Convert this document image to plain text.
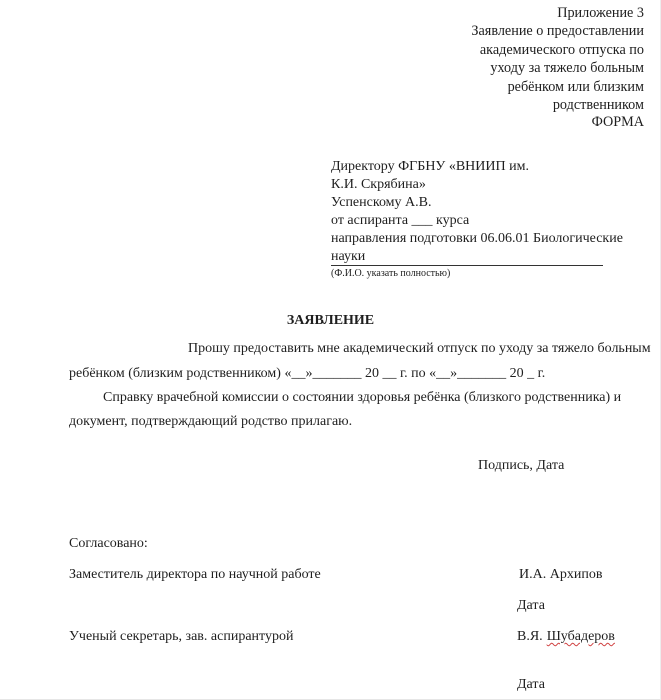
Приложение 3
Заявление о предоставлении
академического отпуска по
уходу за тяжело больным
ребёнком или близким
родственником
ФОРМА
Директору ФГБНУ «ВНИИП им.
К.И. Скрябина»
Успенскому А.В.
от аспиранта ___ курса
направления подготовки 06.06.01 Биологические
науки
(Ф.И.О. указать полностью)
ЗАЯВЛЕНИЕ
Прошу предоставить мне академический отпуск по уходу за тяжело больным
ребёнком (близким родственником) «__»_______ 20 __ г. по «__»_______ 20 _ г.
Справку врачебной комиссии о состоянии здоровья ребёнка (близкого родственника) и
документ, подтверждающий родство прилагаю.
Подпись, Дата
Согласовано:
Заместитель директора по научной работе	И.А. Архипов
Дата
Ученый секретарь, зав. аспирантурой	В.Я. Шубадеров
Дата
